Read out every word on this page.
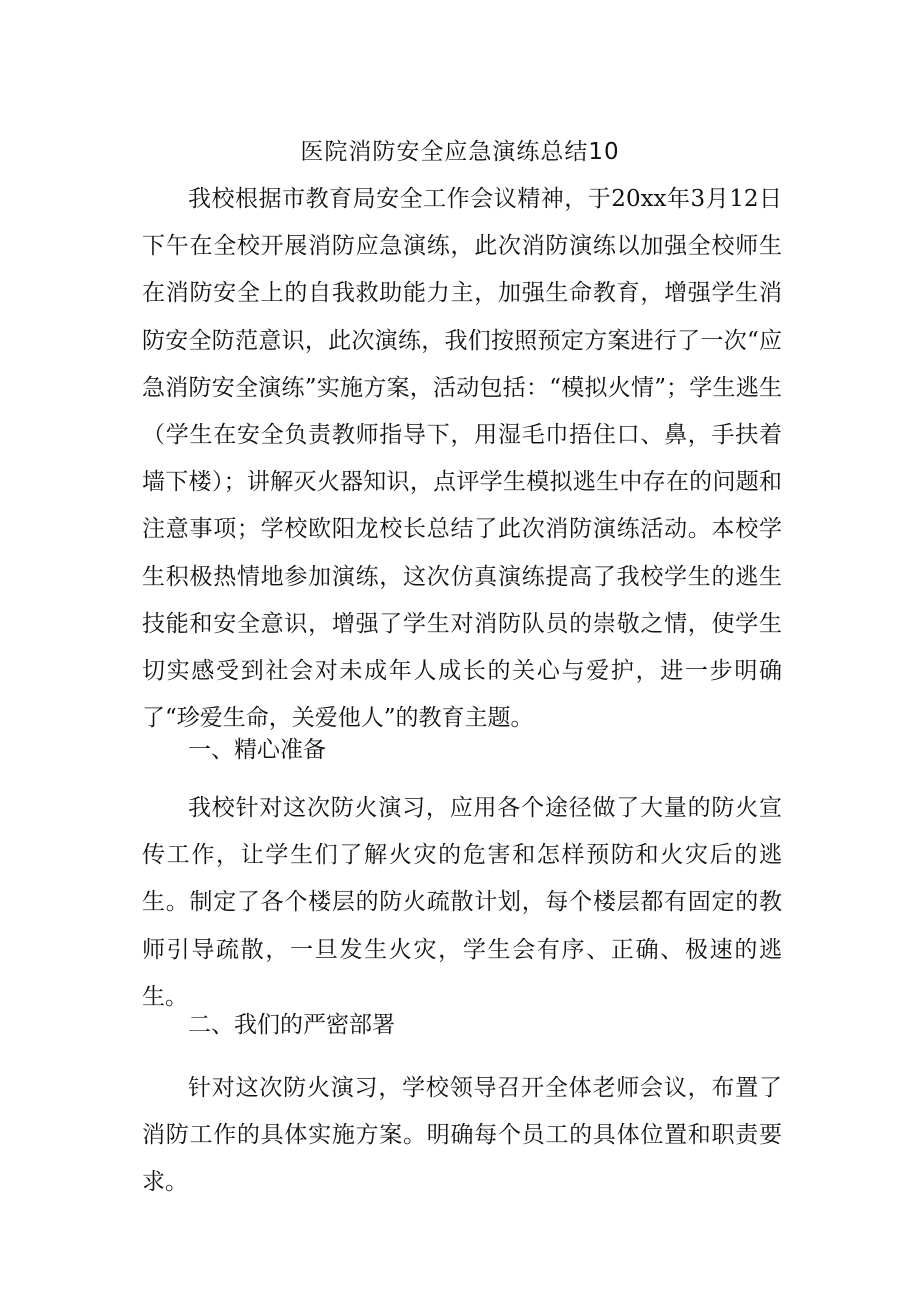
医院消防安全应急演练总结10

我校根据市教育局安全工作会议精神，于20xx年3月12日下午在全校开展消防应急演练，此次消防演练以加强全校师生在消防安全上的自我救助能力主，加强生命教育，增强学生消防安全防范意识，此次演练，我们按照预定方案进行了一次“应急消防安全演练”实施方案，活动包括：“模拟火情”；学生逃生（学生在安全负责教师指导下，用湿毛巾捂住口、鼻，手扶着墙下楼）；讲解灭火器知识，点评学生模拟逃生中存在的问题和注意事项；学校欧阳龙校长总结了此次消防演练活动。本校学生积极热情地参加演练，这次仿真演练提高了我校学生的逃生技能和安全意识，增强了学生对消防队员的崇敬之情，使学生切实感受到社会对未成年人成长的关心与爱护，进一步明确了“珍爱生命，关爱他人”的教育主题。

一、精心准备

我校针对这次防火演习，应用各个途径做了大量的防火宣传工作，让学生们了解火灾的危害和怎样预防和火灾后的逃生。制定了各个楼层的防火疏散计划，每个楼层都有固定的教师引导疏散，一旦发生火灾，学生会有序、正确、极速的逃生。

二、我们的严密部署

针对这次防火演习，学校领导召开全体老师会议，布置了消防工作的具体实施方案。明确每个员工的具体位置和职责要求。
